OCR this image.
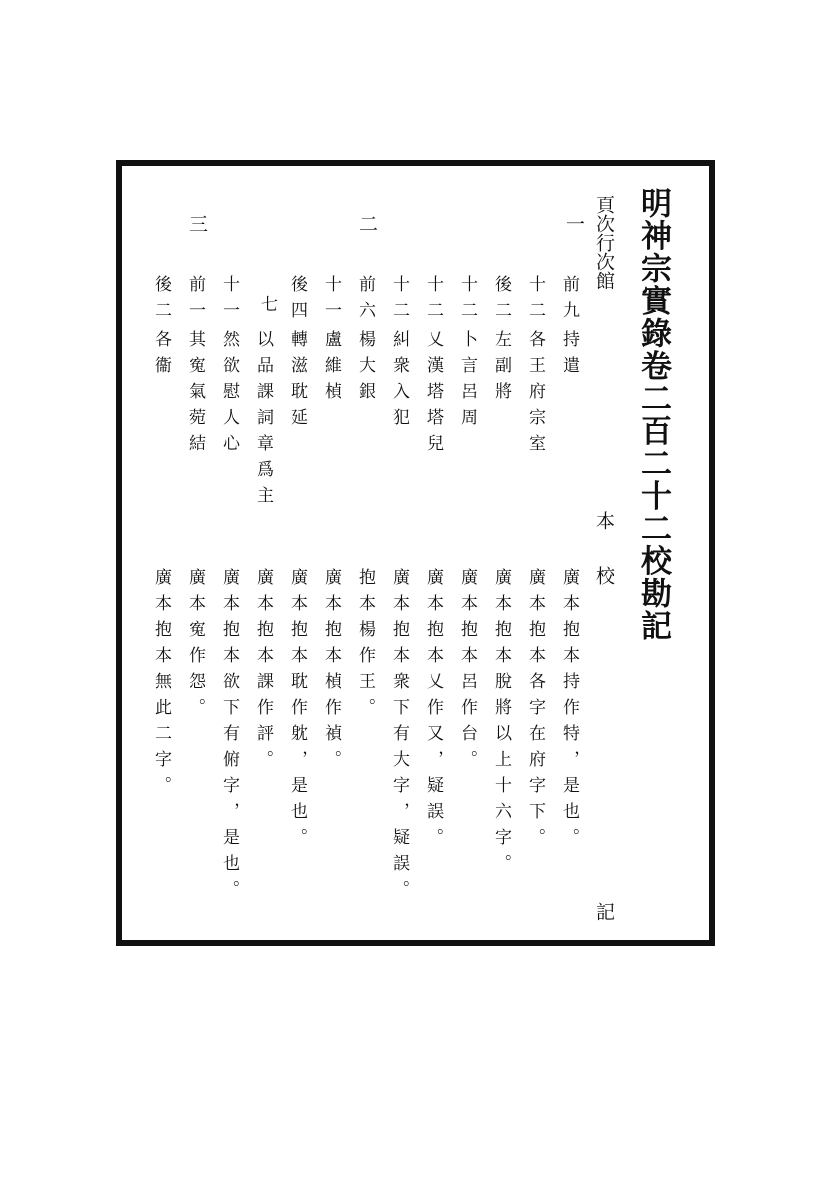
明神宗實錄卷二百二十二校勘記
頁次行次館
本
校
記
一
二
三
前九
持遣
廣本抱本持作特，是也。
十二
各王府宗室
廣本抱本各字在府字下。
後二
左副將
廣本抱本脫將以上十六字。
十二
卜言呂周
廣本抱本呂作台。
十二
乂漢塔塔兒
廣本抱本乂作又，疑誤。
十二
糾衆入犯
廣本抱本衆下有大字，疑誤。
前六
楊大銀
抱本楊作王。
十一
盧維楨
廣本抱本楨作禎。
後四
轉滋耽延
廣本抱本耽作躭，是也。
七
以品課詞章爲主
廣本抱本課作評。
十一
然欲慰人心
廣本抱本欲下有俯字，是也。
前一
其寃氣菀結
廣本寃作怨。
後二
各衞
廣本抱本無此二字。
